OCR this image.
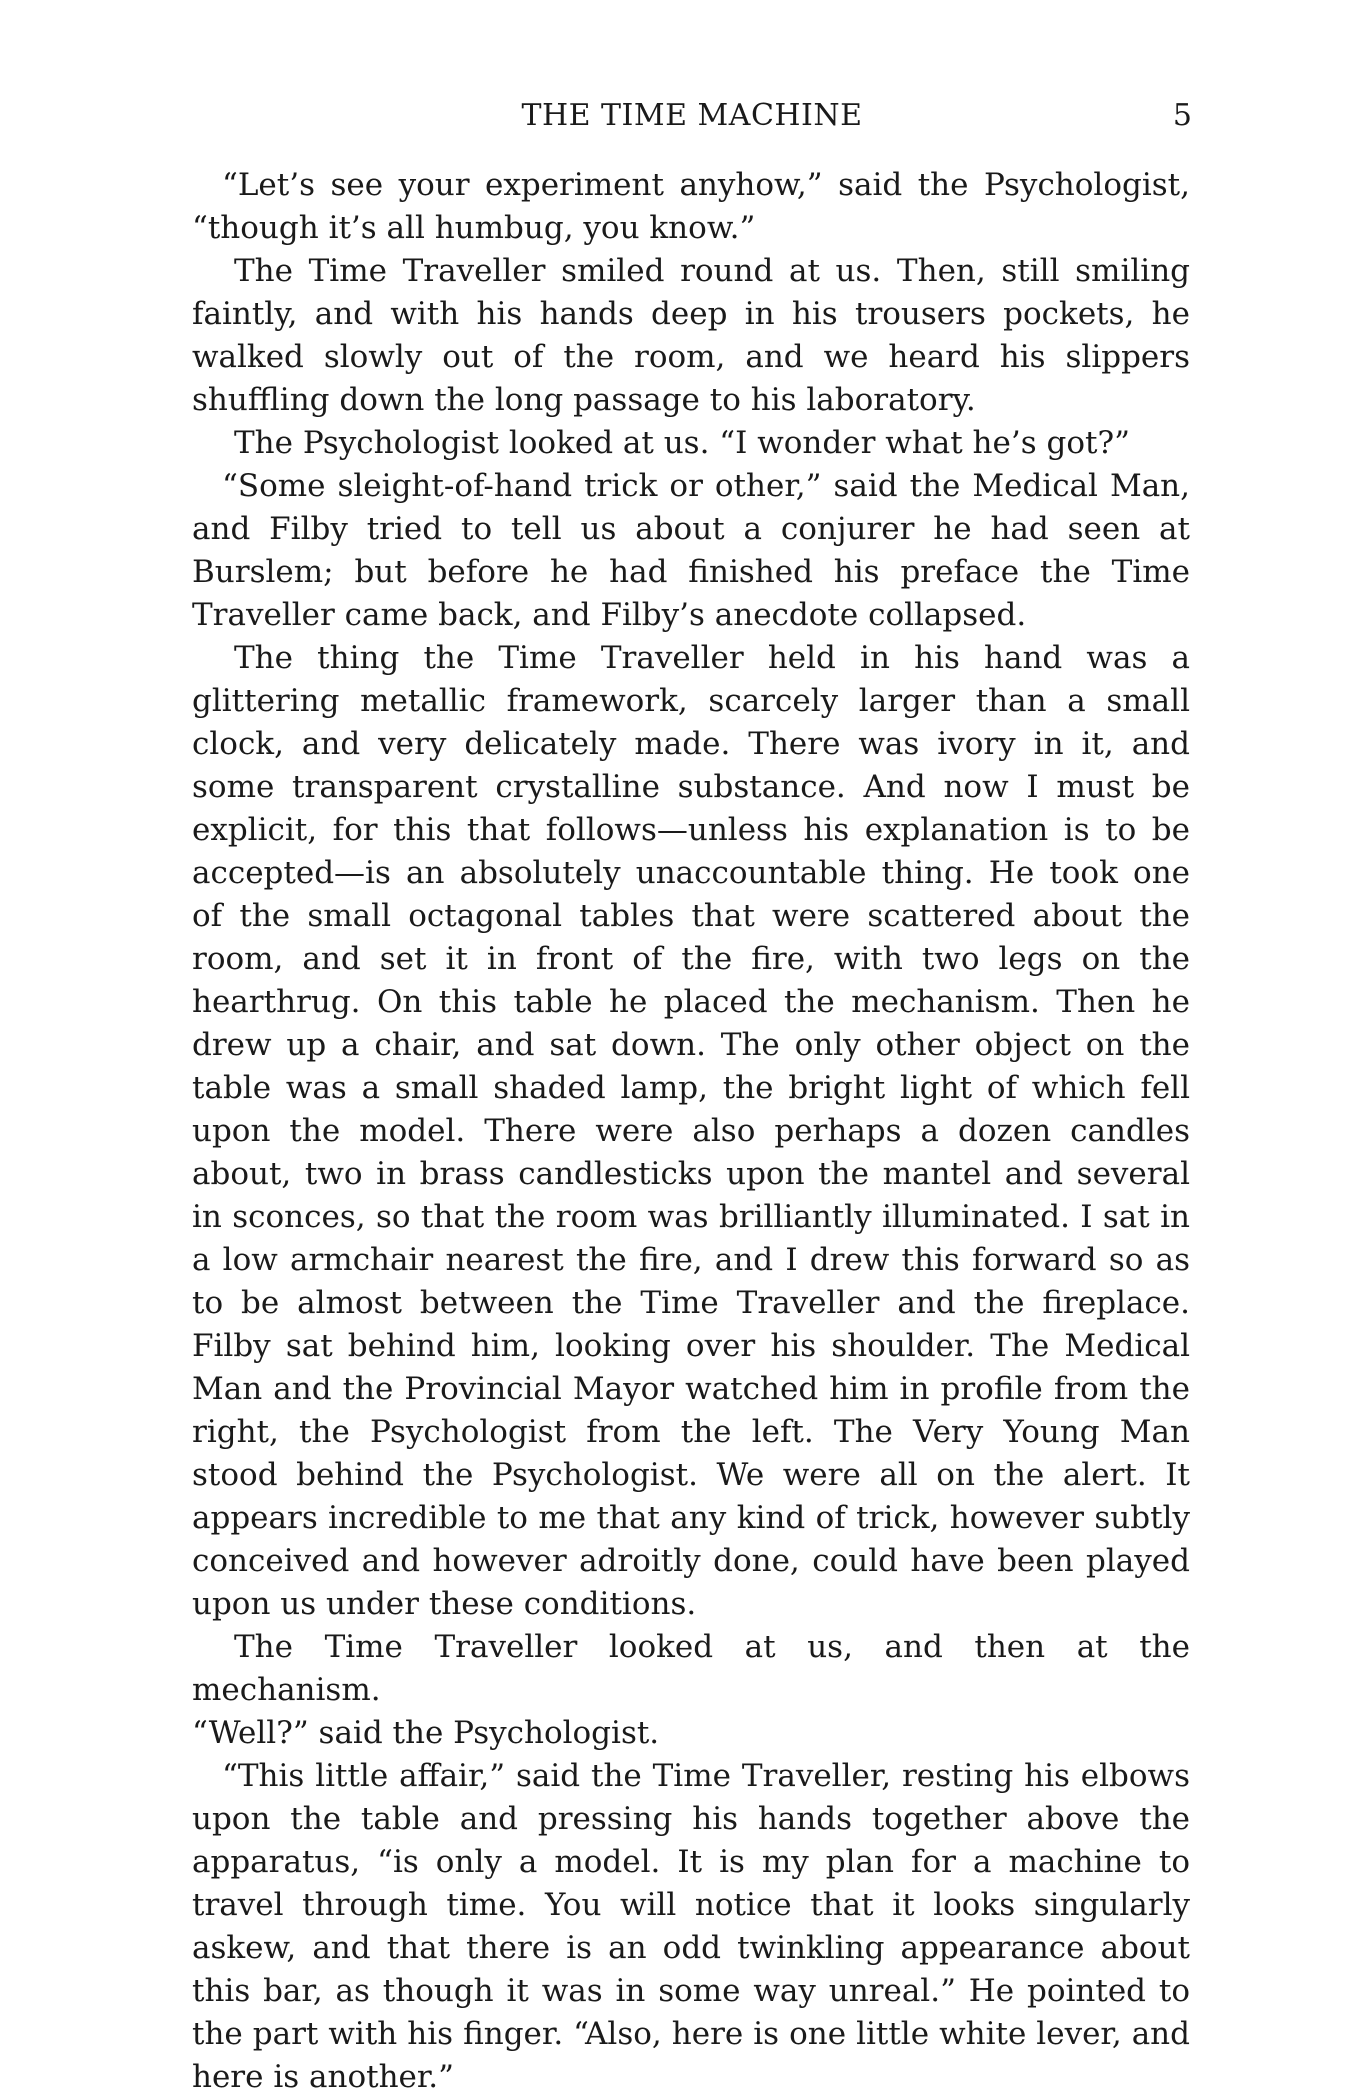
THE TIME MACHINE	5

“Let’s see your experiment anyhow,” said the Psychologist, “though it’s all humbug, you know.”

The Time Traveller smiled round at us. Then, still smiling faintly, and with his hands deep in his trousers pockets, he walked slowly out of the room, and we heard his slippers shuffling down the long passage to his laboratory.

The Psychologist looked at us. “I wonder what he’s got?”

“Some sleight-of-hand trick or other,” said the Medical Man, and Filby tried to tell us about a conjurer he had seen at Burslem; but before he had finished his preface the Time Traveller came back, and Filby’s anecdote collapsed.

The thing the Time Traveller held in his hand was a glittering metallic framework, scarcely larger than a small clock, and very delicately made. There was ivory in it, and some transparent crystalline substance. And now I must be explicit, for this that follows—unless his explanation is to be accepted—is an absolutely unaccountable thing. He took one of the small octagonal tables that were scattered about the room, and set it in front of the fire, with two legs on the hearthrug. On this table he placed the mechanism. Then he drew up a chair, and sat down. The only other object on the table was a small shaded lamp, the bright light of which fell upon the model. There were also perhaps a dozen candles about, two in brass candlesticks upon the mantel and several in sconces, so that the room was brilliantly illuminated. I sat in a low armchair nearest the fire, and I drew this forward so as to be almost between the Time Traveller and the fireplace. Filby sat behind him, looking over his shoulder. The Medical Man and the Provincial Mayor watched him in profile from the right, the Psychologist from the left. The Very Young Man stood behind the Psychologist. We were all on the alert. It appears incredible to me that any kind of trick, however subtly conceived and however adroitly done, could have been played upon us under these conditions.

The Time Traveller looked at us, and then at the mechanism.

“Well?” said the Psychologist.

“This little affair,” said the Time Traveller, resting his elbows upon the table and pressing his hands together above the apparatus, “is only a model. It is my plan for a machine to travel through time. You will notice that it looks singularly askew, and that there is an odd twinkling appearance about this bar, as though it was in some way unreal.” He pointed to the part with his finger. “Also, here is one little white lever, and here is another.”
